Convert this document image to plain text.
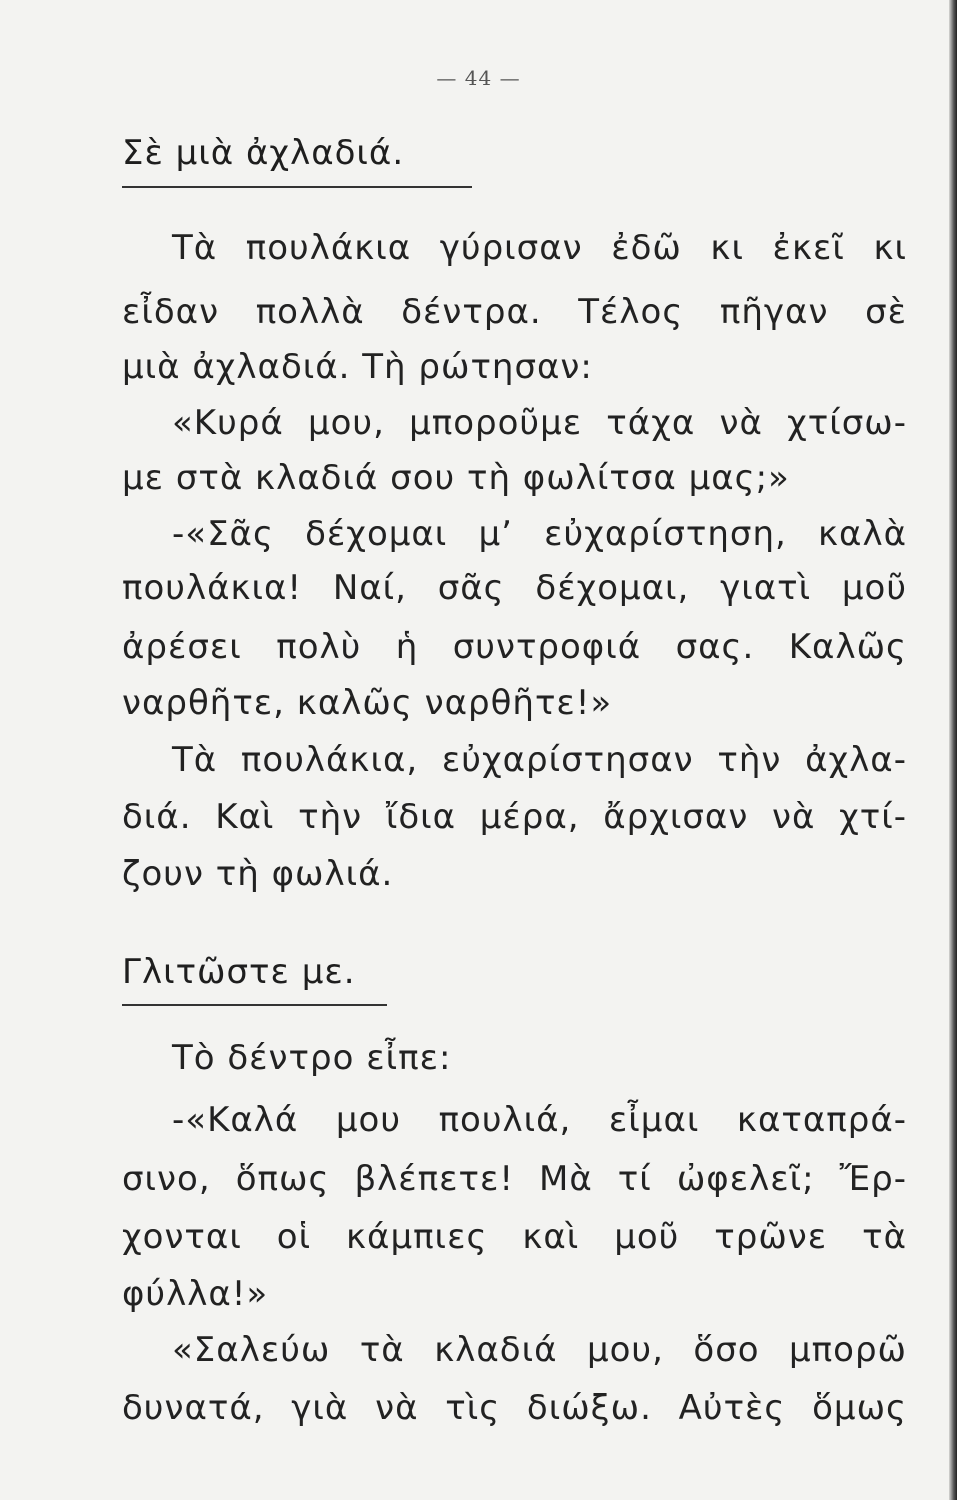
— 44 —
Σὲ μιὰ ἀχλαδιά.
Τὰ πουλάκια γύρισαν ἐδῶ κι ἐκεῖ κι
εἶδαν πολλὰ δέντρα. Τέλος πῆγαν σὲ
μιὰ ἀχλαδιά. Τὴ ρώτησαν:
«Κυρά μου, μποροῦμε τάχα νὰ χτίσω-
με στὰ κλαδιά σου τὴ φωλίτσα μας;»
-«Σᾶς δέχομαι μ’ εὐχαρίστηση, καλὰ
πουλάκια! Ναί, σᾶς δέχομαι, γιατὶ μοῦ
ἀρέσει πολὺ ἡ συντροφιά σας. Καλῶς
ναρθῆτε, καλῶς ναρθῆτε!»
Τὰ πουλάκια, εὐχαρίστησαν τὴν ἀχλα-
διά. Καὶ τὴν ἴδια μέρα, ἄρχισαν νὰ χτί-
ζουν τὴ φωλιά.
Γλιτῶστε με.
Τὸ δέντρο εἶπε:
-«Καλά μου πουλιά, εἶμαι καταπρά-
σινο, ὅπως βλέπετε! Μὰ τί ὠφελεῖ; Ἔρ-
χονται οἱ κάμπιες καὶ μοῦ τρῶνε τὰ
φύλλα!»
«Σαλεύω τὰ κλαδιά μου, ὅσο μπορῶ
δυνατά, γιὰ νὰ τὶς διώξω. Αὐτὲς ὅμως
